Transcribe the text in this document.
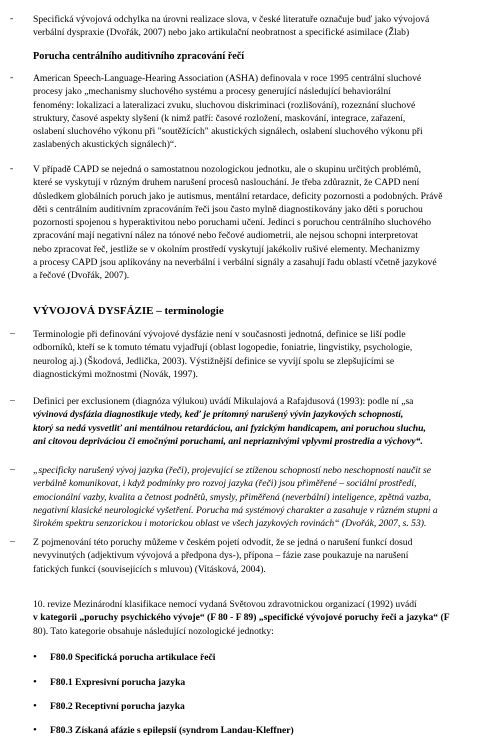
- Specifická vývojová odchylka na úrovni realizace slova, v české literatuře označuje buď jako vývojová
verbální dyspraxie (Dvořák, 2007) nebo jako artikulační neobratnost a specifické asimilace (Žlab)
Porucha centrálního auditivního zpracování řečí
- American Speech-Language-Hearing Association (ASHA) definovala v roce 1995 centrální sluchové
procesy jako „mechanismy sluchového systému a procesy generující následující behaviorální
fenomény: lokalizaci a lateralizaci zvuku, sluchovou diskriminaci (rozlišování), rozeznání sluchové
struktury, časové aspekty slyšení (k nimž patří: časové rozložení, maskování, integrace, zařazení,
oslabení sluchového výkonu při "soutěžících" akustických signálech, oslabení sluchového výkonu při
zaslabených akustických signálech)“.
- V případě CAPD se nejedná o samostatnou nozologickou jednotku, ale o skupinu určitých problémů,
které se vyskytují v různým druhem narušení procesů naslouchání. Je třeba zdůraznit, že CAPD není
důsledkem globálních poruch jako je autismus, mentální retardace, deficity pozornosti a podobných. Právě
děti s centrálním auditivním zpracováním řeči jsou často mylně diagnostikovány jako děti s poruchou
pozornosti spojenou s hyperaktivitou nebo poruchami učení. Jedinci s poruchou centrálního sluchového
zpracování mají negativní nález na tónové nebo řečové audiometrii, ale nejsou schopni interpretovat
nebo zpracovat řeč, jestliže se v okolním prostředí vyskytují jakékoliv rušivé elementy. Mechanizmy
a procesy CAPD jsou aplikovány na neverbální i verbální signály a zasahují řadu oblastí včetně jazykové
a řečové (Dvořák, 2007).
VÝVOJOVÁ DYSFÁZIE – terminologie
– Terminologie při definování vývojové dysfázie není v současnosti jednotná, definice se liší podle
odborníků, kteří se k tomuto tématu vyjadřují (oblast logopedie, foniatrie, lingvistiky, psychologie,
neurolog aj.) (Škodová, Jedlička, 2003). Výstižnější definice se vyvíjí spolu se zlepšujícími se
diagnostickými možnostmi (Novák, 1997).
– Definici per exclusionem (diagnóza výlukou) uvádí Mikulajová a Rafajdusová (1993): podle ní „sa
vývinová dysfázia diagnostikuje vtedy, keď je prítomný narušený vývin jazykových schopností,
ktorý sa nedá vysvetliť ani mentálnou retardáciou, ani fyzickým handicapem, ani poruchou sluchu,
ani citovou depriváciou či emočnými poruchami, ani nepriaznivými vplyvmi prostredia a výchovy“.
– „specificky narušený vývoj jazyka (řeči), projevující se ztíženou schopností nebo neschopností naučit se
verbálně komunikovat, i když podmínky pro rozvoj jazyka (řeči) jsou přiměřené – sociální prostředí,
emocionální vazby, kvalita a četnost podnětů, smysly, přiměřená (neverbální) inteligence, zpětná vazba,
negativní klasické neurologické vyšetření. Porucha má systémový charakter a zasahuje v různém stupni a
širokém spektru senzorickou i motorickou oblast ve všech jazykových rovinách“ (Dvořák, 2007, s. 53).
– Z pojmenování této poruchy můžeme v českém pojetí odvodit, že se jedná o narušení funkcí dosud
nevyvinutých (adjektivum vývojová a předpona dys-), přípona – fázie zase poukazuje na narušení
fatických funkcí (souvisejících s mluvou) (Vitásková, 2004).
10. revize Mezinárodní klasifikace nemocí vydaná Světovou zdravotnickou organizací (1992) uvádí
v kategorii „poruchy psychického vývoje“ (F 80 - F 89) „specifické vývojové poruchy řeči a jazyka“ (F
80). Tato kategorie obsahuje následující nozologické jednotky:
• F80.0 Specifická porucha artikulace řeči
• F80.1 Expresivní porucha jazyka
• F80.2 Receptivní porucha jazyka
• F80.3 Získaná afázie s epilepsií (syndrom Landau-Kleffner)
